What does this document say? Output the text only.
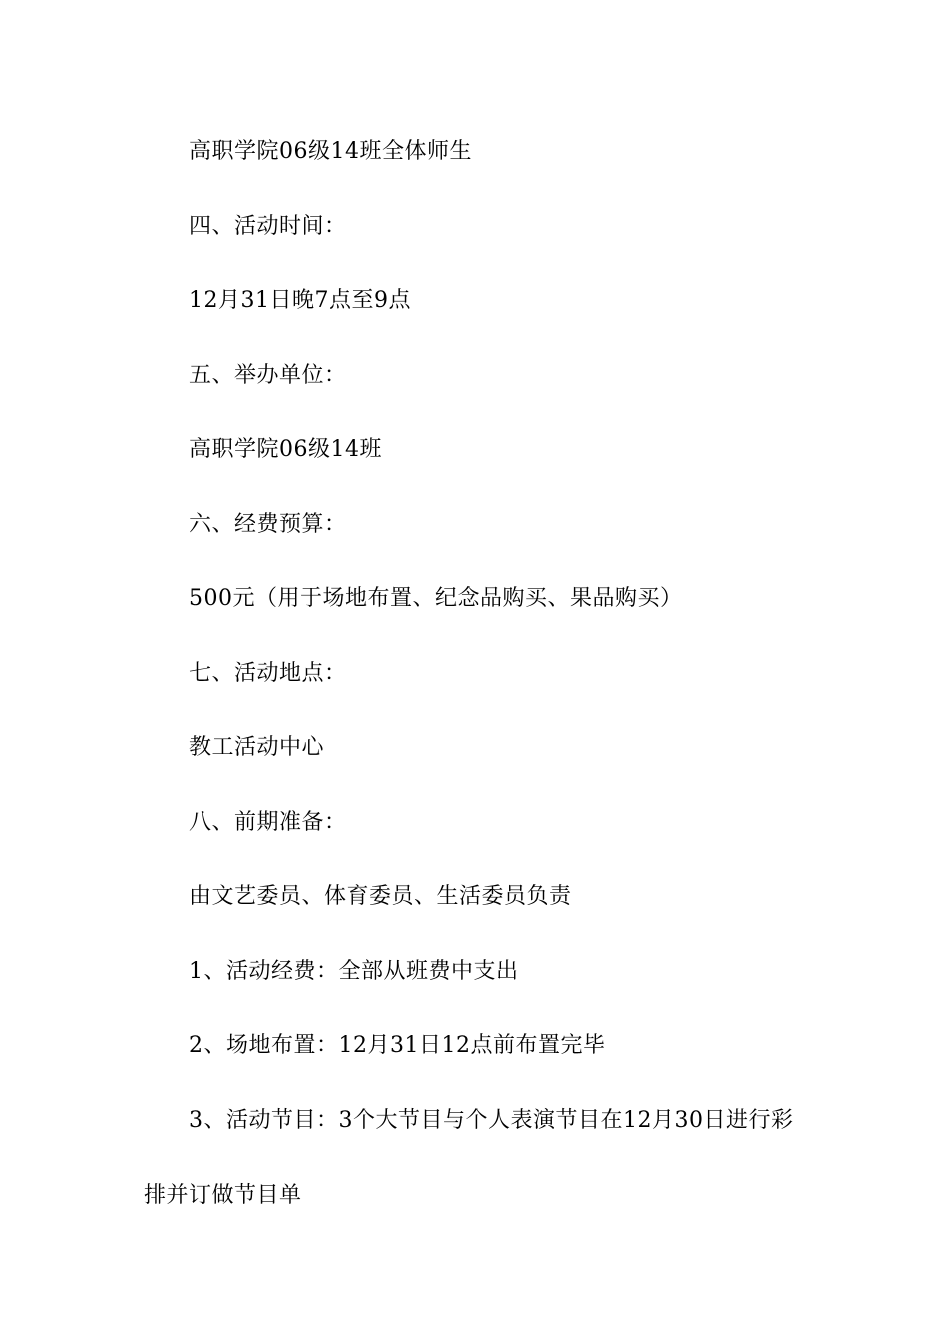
高职学院06级14班全体师生
四、活动时间：
12月31日晚7点至9点
五、举办单位：
高职学院06级14班
六、经费预算：
500元（用于场地布置、纪念品购买、果品购买）
七、活动地点：
教工活动中心
八、前期准备：
由文艺委员、体育委员、生活委员负责
1、活动经费：全部从班费中支出
2、场地布置：12月31日12点前布置完毕
3、活动节目：3个大节目与个人表演节目在12月30日进行彩
排并订做节目单
